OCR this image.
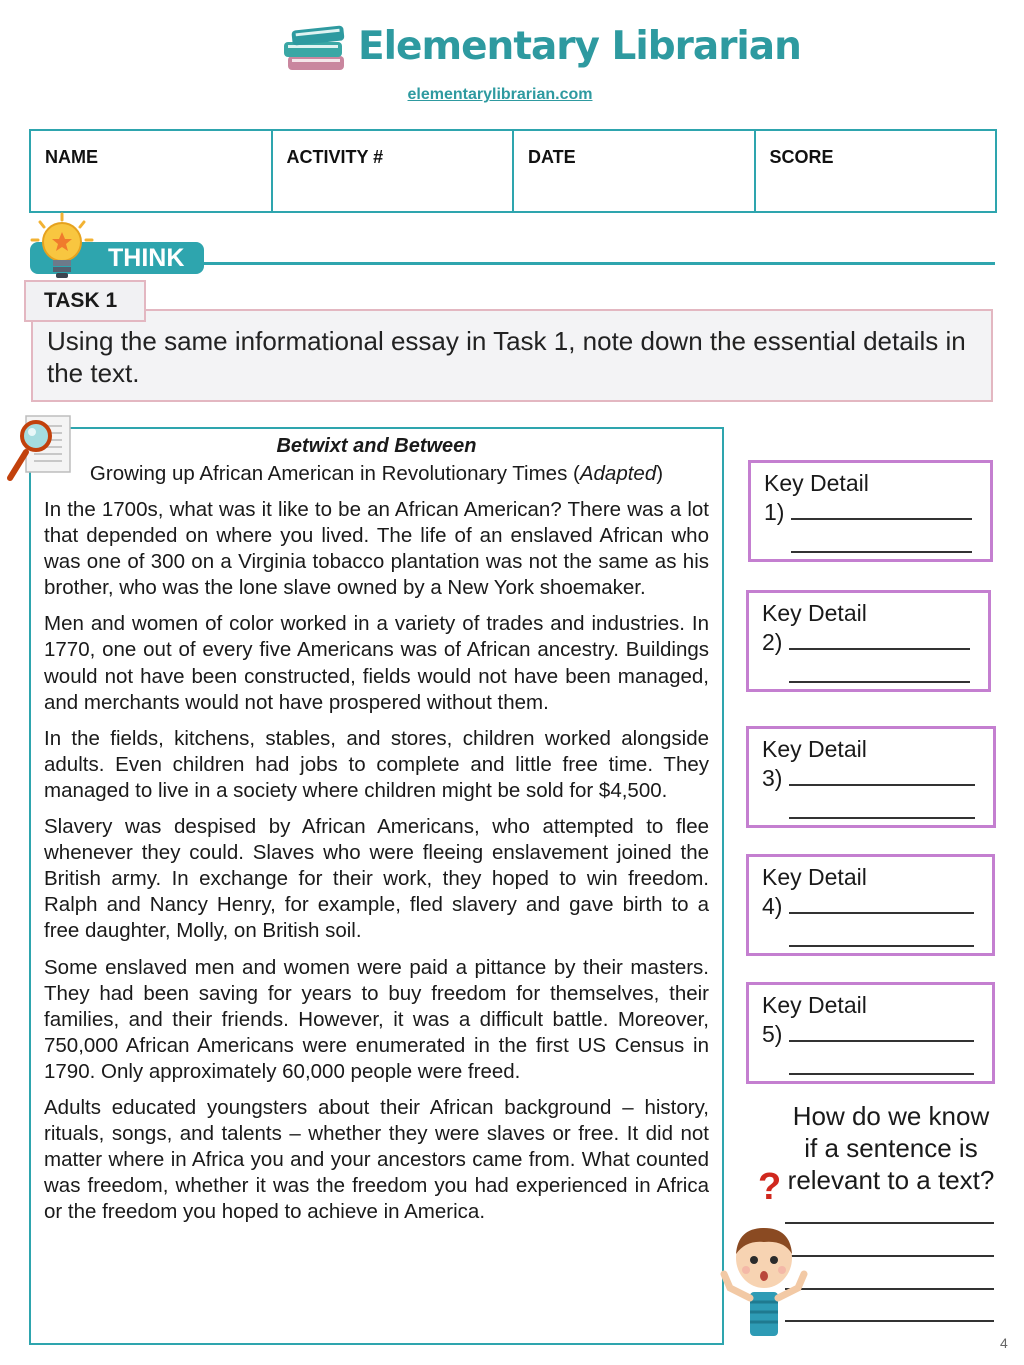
Elementary Librarian
elementarylibrarian.com
NAME	ACTIVITY #	DATE	SCORE
THINK
Using the same informational essay in Task 1, note down the essential details in the text.
TASK 1
Betwixt and Between
Growing up African American in Revolutionary Times (Adapted)

In the 1700s, what was it like to be an African American? There was a lot that depended on where you lived. The life of an enslaved African who was one of 300 on a Virginia tobacco plantation was not the same as his brother, who was the lone slave owned by a New York shoemaker.

Men and women of color worked in a variety of trades and industries. In 1770, one out of every five Americans was of African ancestry. Buildings would not have been constructed, fields would not have been managed, and merchants would not have prospered without them.

In the fields, kitchens, stables, and stores, children worked alongside adults. Even children had jobs to complete and little free time. They managed to live in a society where children might be sold for $4,500.

Slavery was despised by African Americans, who attempted to flee whenever they could. Slaves who were fleeing enslavement joined the British army. In exchange for their work, they hoped to win freedom. Ralph and Nancy Henry, for example, fled slavery and gave birth to a free daughter, Molly, on British soil.

Some enslaved men and women were paid a pittance by their masters. They had been saving for years to buy freedom for themselves, their families, and their friends. However, it was a difficult battle. Moreover, 750,000 African Americans were enumerated in the first US Census in 1790. Only approximately 60,000 people were freed.

Adults educated youngsters about their African background – history, rituals, songs, and talents – whether they were slaves or free. It did not matter where in Africa you and your ancestors came from. What counted was freedom, whether it was the freedom you had experienced in Africa or the freedom you hoped to achieve in America.

Key Detail
1)
Key Detail
2)
Key Detail
3)
Key Detail
4)
Key Detail
5)
How do we know
if a sentence is
relevant to a text?
?
4
